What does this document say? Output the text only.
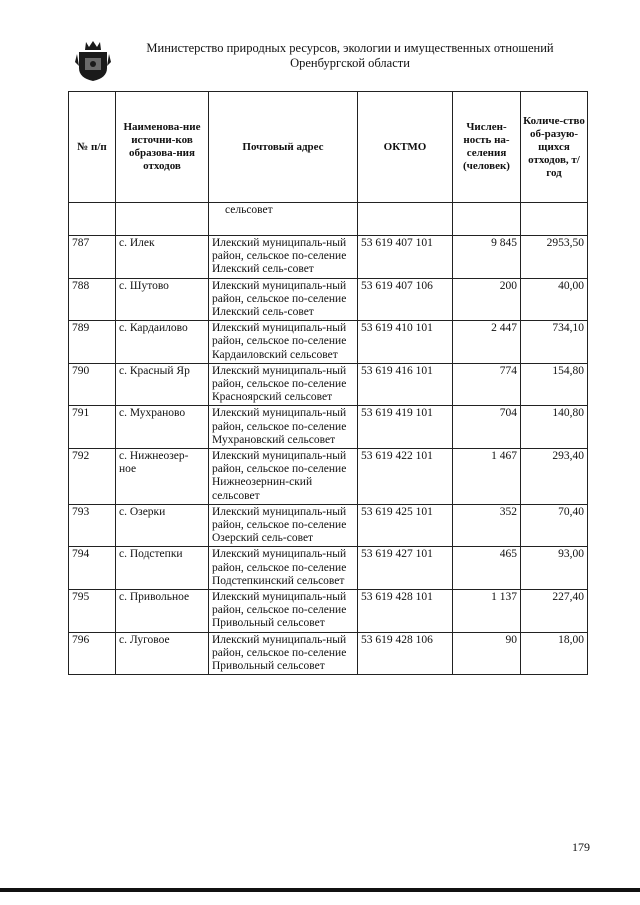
Министерство природных ресурсов, экологии и имущественных отношений
Оренбургской области
№ п/п	Наименова-ние источни-ков образова-ния отходов	Почтовый адрес	ОКТМО	Числен-ность на-селения (человек)	Количе-ство об-разую-щихся отходов, т/год
		сельсовет			
787	с. Илек	Илекский муниципаль-ный район, сельское по-селение Илекский сель-совет	53 619 407 101	9 845	2953,50
788	с. Шутово	Илекский муниципаль-ный район, сельское по-селение Илекский сель-совет	53 619 407 106	200	40,00
789	с. Кардаилово	Илекский муниципаль-ный район, сельское по-селение Кардаиловский сельсовет	53 619 410 101	2 447	734,10
790	с. Красный Яр	Илекский муниципаль-ный район, сельское по-селение Краснoярский сельсовет	53 619 416 101	774	154,80
791	с. Мухраново	Илекский муниципаль-ный район, сельское по-селение Мухрановский сельсовет	53 619 419 101	704	140,80
792	с. Нижнеозер-ное	Илекский муниципаль-ный район, сельское по-селение Нижнеозернин-ский сельсовет	53 619 422 101	1 467	293,40
793	с. Озерки	Илекский муниципаль-ный район, сельское по-селение Озерский сель-совет	53 619 425 101	352	70,40
794	с. Подстепки	Илекский муниципаль-ный район, сельское по-селение Подстепкинский сельсовет	53 619 427 101	465	93,00
795	с. Привольное	Илекский муниципаль-ный район, сельское по-селение Привольный сельсовет	53 619 428 101	1 137	227,40
796	с. Луговое	Илекский муниципаль-ный район, сельское по-селение Привольный сельсовет	53 619 428 106	90	18,00
179
